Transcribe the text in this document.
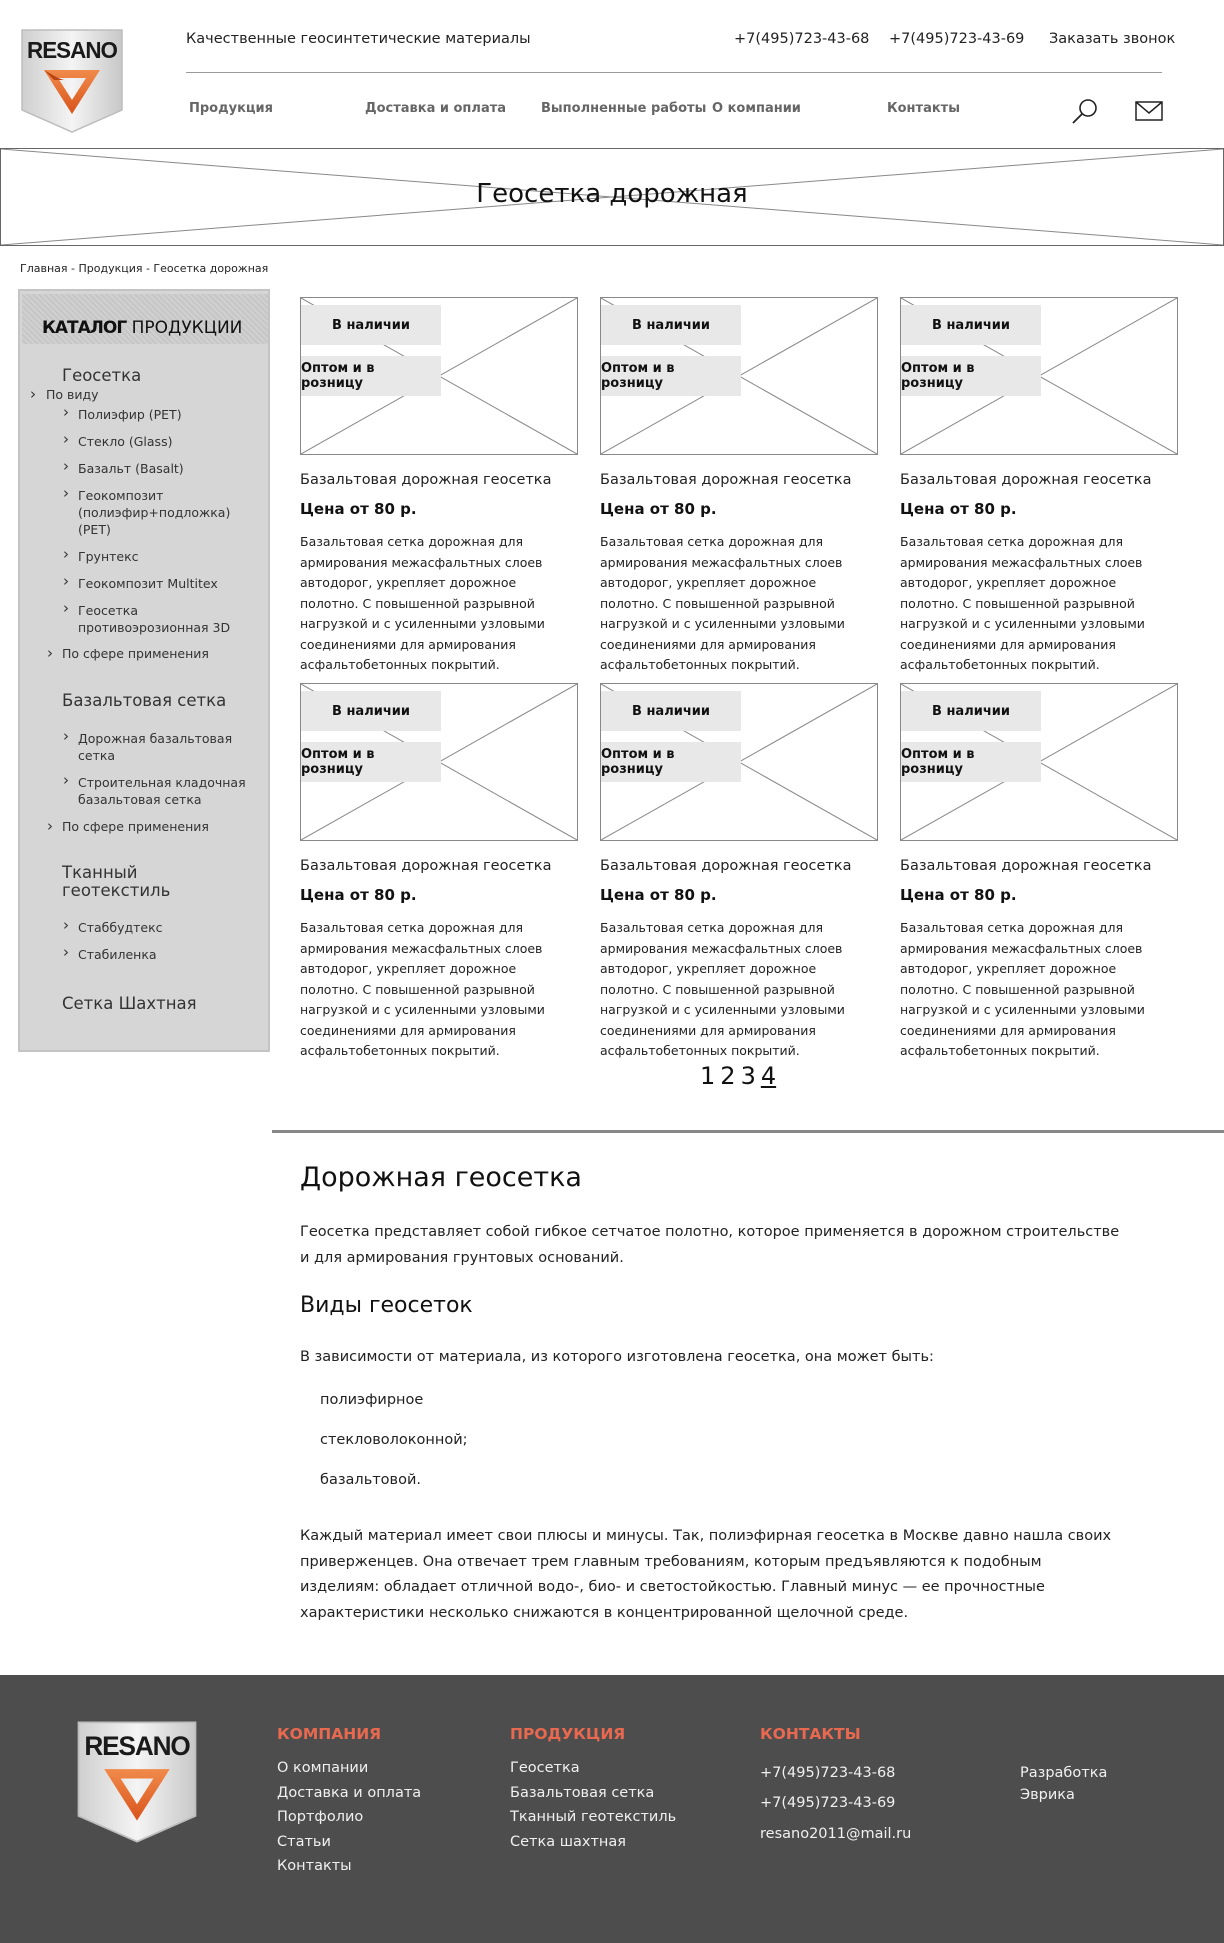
RESANO	Качественные геосинтетические материалы	+7(495)723-43-68 +7(495)723-43-69 Заказать звонок
Продукция	Доставка и оплата	Выполненные работы О компании	Контакты
Геосетка дорожная
Главная - Продукция - Геосетка дорожная
КАТАЛОГ ПРОДУКЦИИ
Геосетка
› По виду
› Полиэфир (PET)
› Стекло (Glass)
› Базальт (Basalt)
› Геокомпозит (полиэфир+подложка) (PET)
› Грунтекс
› Геокомпозит Multitex
› Геосетка противоэрозионная 3D
› По сфере применения
Базальтовая сетка
› Дорожная базальтовая сетка
› Строительная кладочная базальтовая сетка
› По сфере применения
Тканный геотекстиль
› Стаббудтекс
› Стабиленка
Сетка Шахтная
В наличии
Оптом и в розницу
Базальтовая дорожная геосетка
Цена от 80 р.
Базальтовая сетка дорожная для армирования межасфальтных слоев автодорог, укрепляет дорожное полотно. С повышенной разрывной нагрузкой и с усиленными узловыми соединениями для армирования асфальтобетонных покрытий.
В наличии
Оптом и в розницу
Базальтовая дорожная геосетка
Цена от 80 р.
Базальтовая сетка дорожная для армирования межасфальтных слоев автодорог, укрепляет дорожное полотно. С повышенной разрывной нагрузкой и с усиленными узловыми соединениями для армирования асфальтобетонных покрытий.
В наличии
Оптом и в розницу
Базальтовая дорожная геосетка
Цена от 80 р.
Базальтовая сетка дорожная для армирования межасфальтных слоев автодорог, укрепляет дорожное полотно. С повышенной разрывной нагрузкой и с усиленными узловыми соединениями для армирования асфальтобетонных покрытий.
В наличии
Оптом и в розницу
Базальтовая дорожная геосетка
Цена от 80 р.
Базальтовая сетка дорожная для армирования межасфальтных слоев автодорог, укрепляет дорожное полотно. С повышенной разрывной нагрузкой и с усиленными узловыми соединениями для армирования асфальтобетонных покрытий.
В наличии
Оптом и в розницу
Базальтовая дорожная геосетка
Цена от 80 р.
Базальтовая сетка дорожная для армирования межасфальтных слоев автодорог, укрепляет дорожное полотно. С повышенной разрывной нагрузкой и с усиленными узловыми соединениями для армирования асфальтобетонных покрытий.
В наличии
Оптом и в розницу
Базальтовая дорожная геосетка
Цена от 80 р.
Базальтовая сетка дорожная для армирования межасфальтных слоев автодорог, укрепляет дорожное полотно. С повышенной разрывной нагрузкой и с усиленными узловыми соединениями для армирования асфальтобетонных покрытий.
1 2 3 4
Дорожная геосетка
Геосетка представляет собой гибкое сетчатое полотно, которое применяется в дорожном строительстве и для армирования грунтовых оснований.
Виды геосеток
В зависимости от материала, из которого изготовлена геосетка, она может быть:
полиэфирное
стекловолоконной;
базальтовой.
Каждый материал имеет свои плюсы и минусы. Так, полиэфирная геосетка в Москве давно нашла своих приверженцев. Она отвечает трем главным требованиям, которым предъявляются к подобным изделиям: обладает отличной водо-, био- и светостойкостью. Главный минус — ее прочностные характеристики несколько снижаются в концентрированной щелочной среде.
RESANO	КОМПАНИЯ
О компании
Доставка и оплата
Портфолио
Статьи
Контакты
ПРОДУКЦИЯ
Геосетка
Базальтовая сетка
Тканный геотекстиль
Сетка шахтная
КОНТАКТЫ
+7(495)723-43-68
+7(495)723-43-69
resano2011@mail.ru
Разработка
Эврика
